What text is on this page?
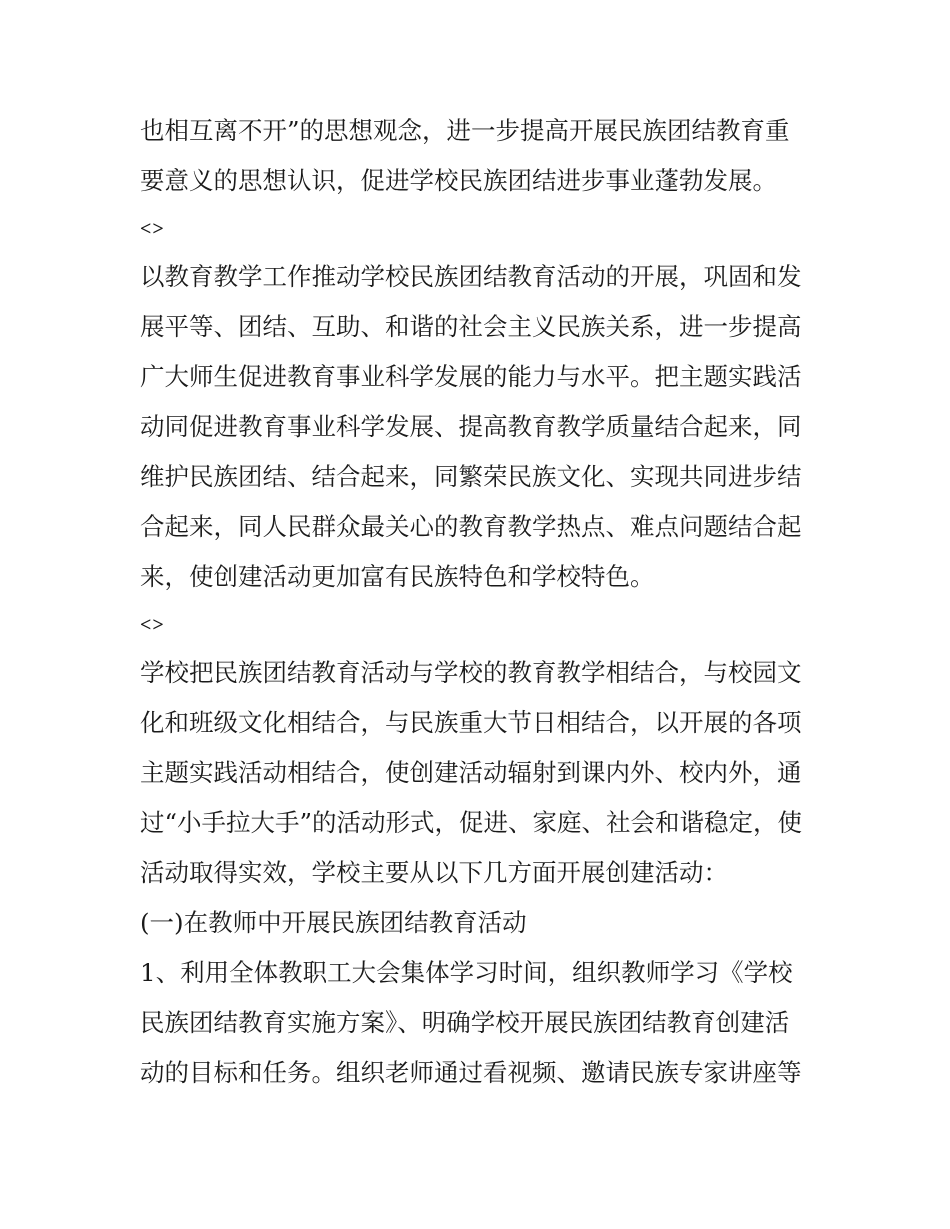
也相互离不开”的思想观念，进一步提高开展民族团结教育重
要意义的思想认识，促进学校民族团结进步事业蓬勃发展。
<>
以教育教学工作推动学校民族团结教育活动的开展，巩固和发
展平等、团结、互助、和谐的社会主义民族关系，进一步提高
广大师生促进教育事业科学发展的能力与水平。把主题实践活
动同促进教育事业科学发展、提高教育教学质量结合起来，同
维护民族团结、结合起来，同繁荣民族文化、实现共同进步结
合起来，同人民群众最关心的教育教学热点、难点问题结合起
来，使创建活动更加富有民族特色和学校特色。
<>
学校把民族团结教育活动与学校的教育教学相结合，与校园文
化和班级文化相结合，与民族重大节日相结合，以开展的各项
主题实践活动相结合，使创建活动辐射到课内外、校内外，通
过“小手拉大手”的活动形式，促进、家庭、社会和谐稳定，使
活动取得实效，学校主要从以下几方面开展创建活动：
(一)在教师中开展民族团结教育活动
1、利用全体教职工大会集体学习时间，组织教师学习《学校
民族团结教育实施方案》、明确学校开展民族团结教育创建活
动的目标和任务。组织老师通过看视频、邀请民族专家讲座等
